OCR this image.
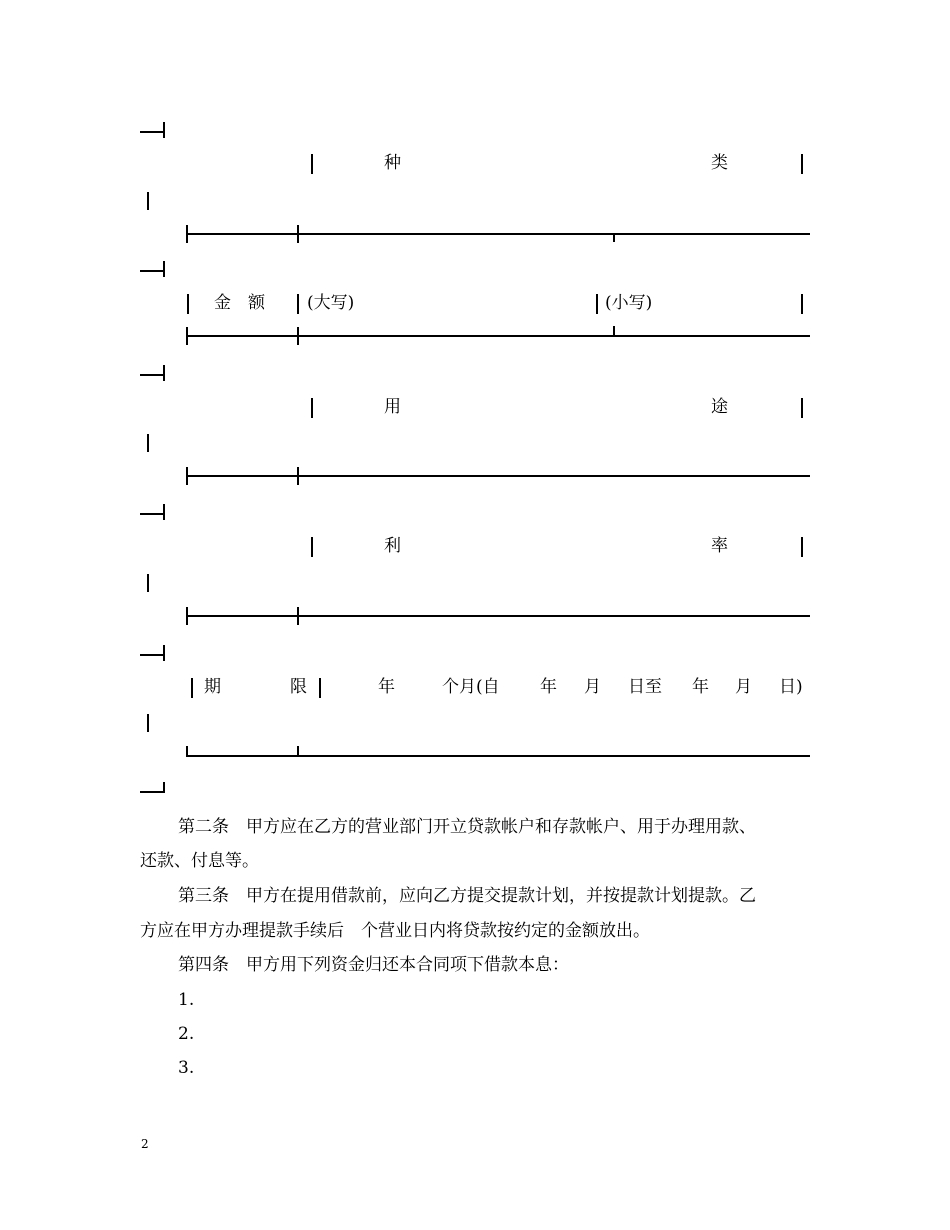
种	类
金　额 (大写)	(小写)
用	途
利	率
期	限	年	个月(自 年 月 日至 年 月 日)
第二条　甲方应在乙方的营业部门开立贷款帐户和存款帐户、用于办理用款、
还款、付息等。
第三条　甲方在提用借款前，应向乙方提交提款计划，并按提款计划提款。乙
方应在甲方办理提款手续后　个营业日内将贷款按约定的金额放出。
第四条　甲方用下列资金归还本合同项下借款本息：
1.
2.
3.
2
